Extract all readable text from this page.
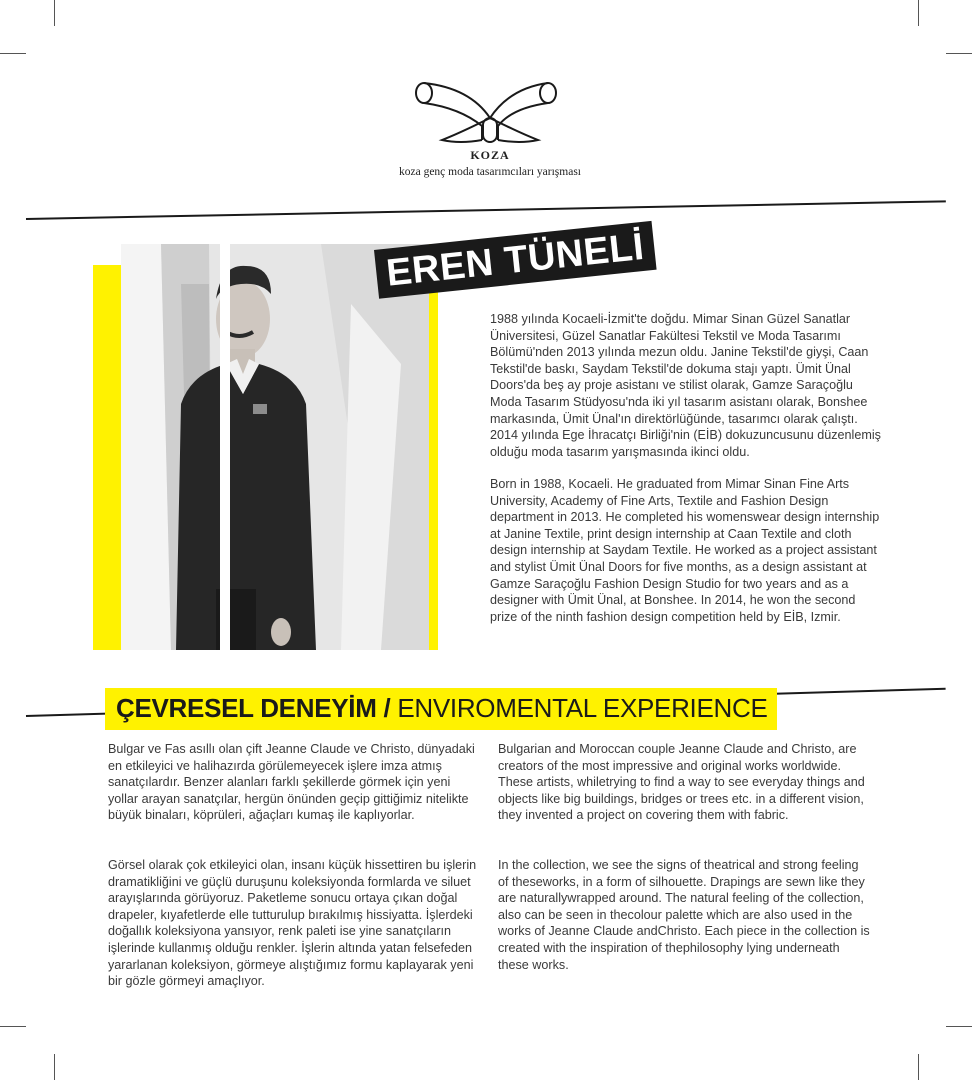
KOZA
koza genç moda tasarımcıları yarışması
EREN TÜNELİ

1988 yılında Kocaeli-İzmit'te doğdu. Mimar Sinan Güzel Sanatlar Üniversitesi, Güzel Sanatlar Fakültesi Tekstil ve Moda Tasarımı Bölümü'nden 2013 yılında mezun oldu. Janine Tekstil'de giyşi, Caan Tekstil'de baskı, Saydam Tekstil'de dokuma stajı yaptı. Ümit Ünal Doors'da beş ay proje asistanı ve stilist olarak, Gamze Saraçoğlu Moda Tasarım Stüdyosu'nda iki yıl tasarım asistanı olarak, Bonshee markasında, Ümit Ünal'ın direktörlüğünde, tasarımcı olarak çalıştı. 2014 yılında Ege İhracatçı Birliği'nin (EİB) dokuzuncusunu düzenlemiş olduğu moda tasarım yarışmasında ikinci oldu.

Born in 1988, Kocaeli. He graduated from Mimar Sinan Fine Arts University, Academy of Fine Arts, Textile and Fashion Design department in 2013. He completed his womenswear design internship at Janine Textile, print design internship at Caan Textile and cloth design internship at Saydam Textile. He worked as a project assistant and stylist Ümit Ünal Doors for five months, as a design assistant at Gamze Saraçoğlu Fashion Design Studio for two years and as a designer with Ümit Ünal, at Bonshee. In 2014, he won the second prize of the ninth fashion design competition held by EİB, Izmir.

ÇEVRESEL DENEYİM / ENVIROMENTAL EXPERIENCE

Bulgar ve Fas asıllı olan çift Jeanne Claude ve Christo, dünyadaki en etkileyici ve halihazırda görülemeyecek işlere imza atmış sanatçılardır. Benzer alanları farklı şekillerde görmek için yeni yollar arayan sanatçılar, hergün önünden geçip gittiğimiz nitelikte büyük binaları, köprüleri, ağaçları kumaş ile kaplıyorlar.

Görsel olarak çok etkileyici olan, insanı küçük hissettiren bu işlerin dramatikliğini ve güçlü duruşunu koleksiyonda formlarda ve siluet arayışlarında görüyoruz. Paketleme sonucu ortaya çıkan doğal drapeler, kıyafetlerde elle tutturulup bırakılmış hissiyatta. İşlerdeki doğallık koleksiyona yansıyor, renk paleti ise yine sanatçıların işlerinde kullanmış olduğu renkler. İşlerin altında yatan felsefeden yararlanan koleksiyon, görmeye alıştığımız formu kaplayarak yeni bir gözle görmeyi amaçlıyor.

Bulgarian and Moroccan couple Jeanne Claude and Christo, are creators of the most impressive and original works worldwide. These artists, whiletrying to find a way to see everyday things and objects like big buildings, bridges or trees etc. in a different vision, they invented a project on covering them with fabric.

In the collection, we see the signs of theatrical and strong feeling of theseworks, in a form of silhouette. Drapings are sewn like they are naturallywrapped around. The natural feeling of the collection, also can be seen in thecolour palette which are also used in the works of Jeanne Claude andChristo. Each piece in the collection is created with the inspiration of thephilosophy lying underneath these works.
